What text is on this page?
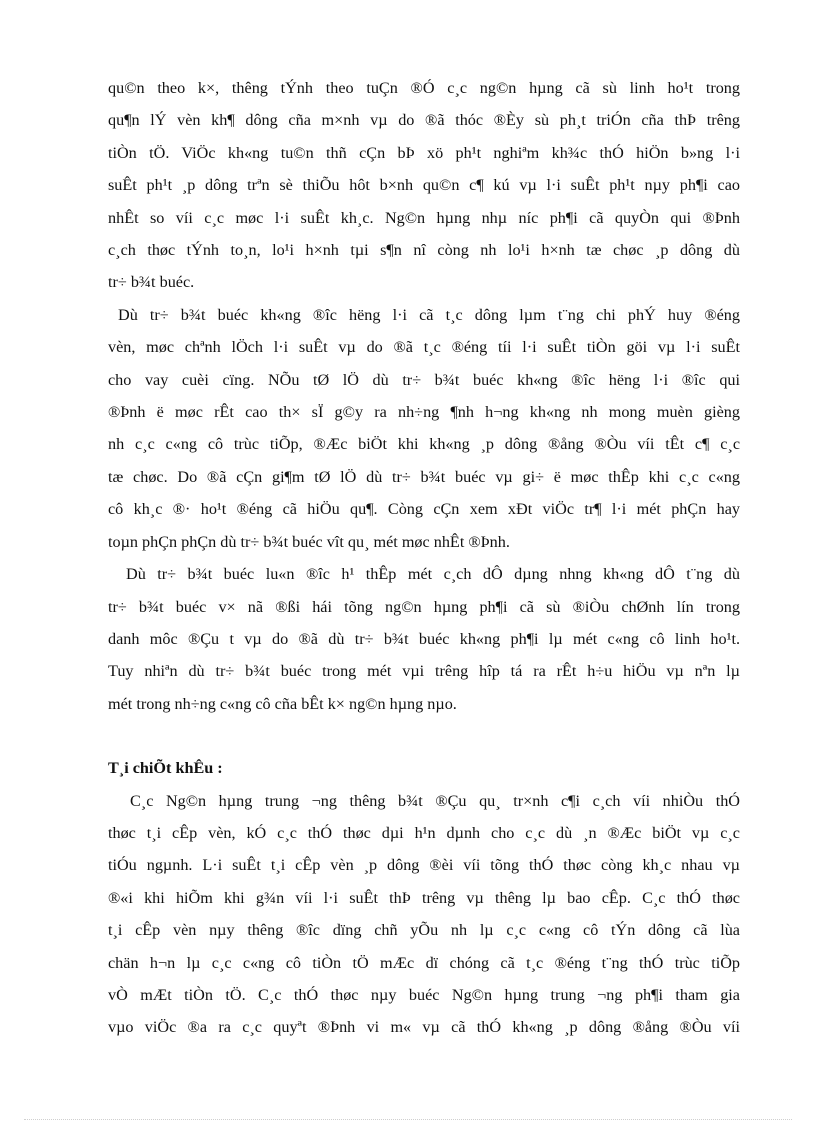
qu©n theo k×, thêng tÝnh theo tuÇn ®Ó c¸c ng©n hµng cã sù linh ho¹t trong
qu¶n lÝ vèn kh¶ dông cña m×nh vµ do ®ã thóc ®Èy sù ph¸t triÓn cña thÞ trêng
tiÒn tÖ. ViÖc kh«ng tu©n thñ cÇn bÞ xö ph¹t nghiªm kh¾c thÓ hiÖn b»ng l·i
suÊt ph¹t ¸p dông trªn sè thiÕu hôt b×nh qu©n c¶ kú vµ l·i suÊt ph¹t nµy ph¶i cao
nhÊt so víi c¸c møc l·i suÊt kh¸c. Ng©n hµng nhµ níc ph¶i cã quyÒn qui ®Þnh
c¸ch thøc tÝnh to¸n, lo¹i h×nh tµi s¶n nî còng nh lo¹i h×nh tæ chøc ¸p dông dù
tr÷ b¾t buéc.
Dù tr÷ b¾t buéc kh«ng ®îc hëng l·i cã t¸c dông lµm t¨ng chi phÝ huy ®éng
vèn, møc chªnh lÖch l·i suÊt vµ do ®ã t¸c ®éng tíi l·i suÊt tiÒn göi vµ l·i suÊt
cho vay cuèi cïng. NÕu tØ lÖ dù tr÷ b¾t buéc kh«ng ®îc hëng l·i ®îc qui
®Þnh ë møc rÊt cao th× sÏ g©y ra nh÷ng ¶nh h¬ng kh«ng nh mong muèn gièng
nh c¸c c«ng cô trùc tiÕp, ®Æc biÖt khi kh«ng ¸p dông ®ång ®Òu víi tÊt c¶ c¸c
tæ chøc. Do ®ã cÇn gi¶m tØ lÖ dù tr÷ b¾t buéc vµ gi÷ ë møc thÊp khi c¸c c«ng
cô kh¸c ®· ho¹t ®éng cã hiÖu qu¶. Còng cÇn xem xÐt viÖc tr¶ l·i mét phÇn hay
toµn phÇn phÇn dù tr÷ b¾t buéc vît qu¸ mét møc nhÊt ®Þnh.
Dù tr÷ b¾t buéc lu«n ®îc h¹ thÊp mét c¸ch dÔ dµng nhng kh«ng dÔ t¨ng dù
tr÷ b¾t buéc v× nã ®ßi hái tõng ng©n hµng ph¶i cã sù ®iÒu chØnh lín trong
danh môc ®Çu t vµ do ®ã dù tr÷ b¾t buéc kh«ng ph¶i lµ mét c«ng cô linh ho¹t.
Tuy nhiªn dù tr÷ b¾t buéc trong mét vµi trêng hîp tá ra rÊt h÷u hiÖu vµ nªn lµ
mét trong nh÷ng c«ng cô cña bÊt k× ng©n hµng nµo.
T¸i chiÕt khÊu :
C¸c Ng©n hµng trung ¬ng thêng b¾t ®Çu qu¸ tr×nh c¶i c¸ch víi nhiÒu thÓ
thøc t¸i cÊp vèn, kÓ c¸c thÓ thøc dµi h¹n dµnh cho c¸c dù ¸n ®Æc biÖt vµ c¸c
tiÓu ngµnh. L·i suÊt t¸i cÊp vèn ¸p dông ®èi víi tõng thÓ thøc còng kh¸c nhau vµ
®«i khi hiÕm khi g¾n víi l·i suÊt thÞ trêng vµ thêng lµ bao cÊp. C¸c thÓ thøc
t¸i cÊp vèn nµy thêng ®îc dïng chñ yÕu nh lµ c¸c c«ng cô tÝn dông cã lùa
chän h¬n lµ c¸c c«ng cô tiÒn tÖ mÆc dï chóng cã t¸c ®éng t¨ng thÓ trùc tiÕp
vÒ mÆt tiÒn tÖ. C¸c thÓ thøc nµy buéc Ng©n hµng trung ¬ng ph¶i tham gia
vµo viÖc ®a ra c¸c quyªt ®Þnh vi m« vµ cã thÓ kh«ng ¸p dông ®ång ®Òu víi
